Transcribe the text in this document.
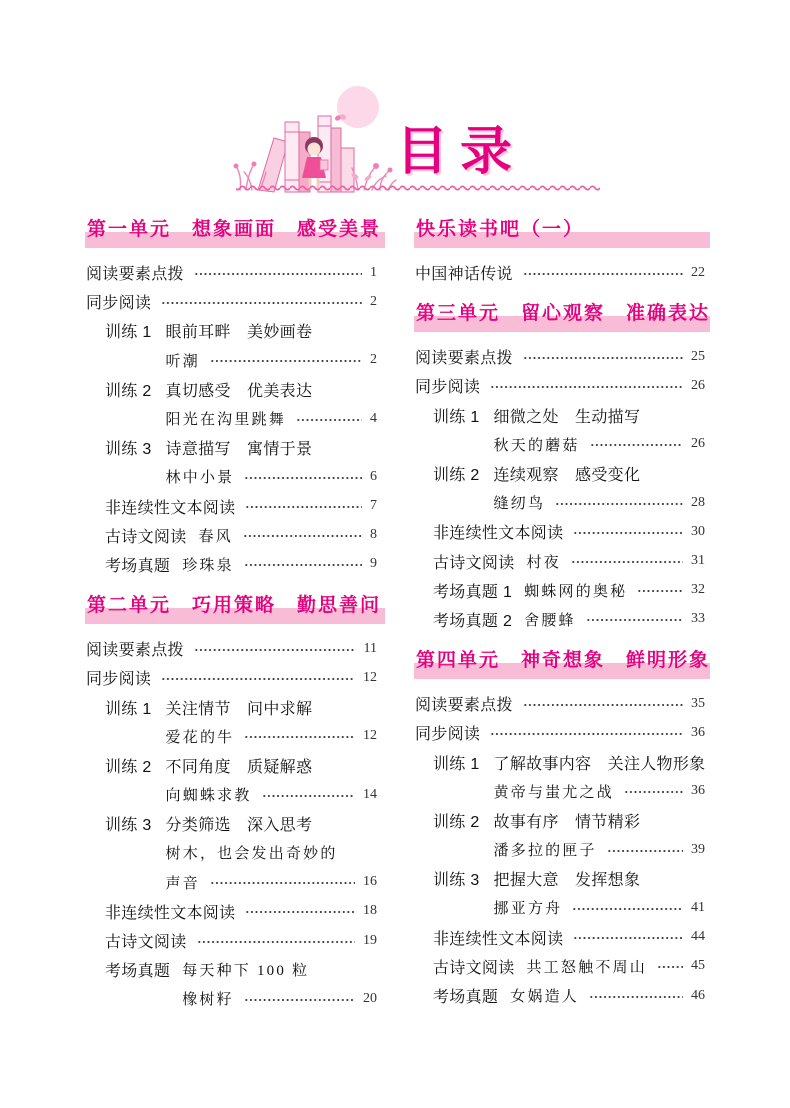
目录
第一单元　想象画面　感受美景
阅读要素点拨	1
同步阅读	2
训练 1 眼前耳畔　美妙画卷
听潮	2
训练 2 真切感受　优美表达
阳光在沟里跳舞	4
训练 3 诗意描写　寓情于景
林中小景	6
非连续性文本阅读	7
古诗文阅读 春风	8
考场真题 珍珠泉	9
第二单元　巧用策略　勤思善问
阅读要素点拨	11
同步阅读	12
训练 1 关注情节　问中求解
爱花的牛	12
训练 2 不同角度　质疑解惑
向蜘蛛求教	14
训练 3 分类筛选　深入思考
树木，也会发出奇妙的
声音	16
非连续性文本阅读	18
古诗文阅读	19
考场真题 每天种下 100 粒
橡树籽	20
快乐读书吧（一）
中国神话传说	22
第三单元　留心观察　准确表达
阅读要素点拨	25
同步阅读	26
训练 1 细微之处　生动描写
秋天的蘑菇	26
训练 2 连续观察　感受变化
缝纫鸟	28
非连续性文本阅读	30
古诗文阅读 村夜	31
考场真题 1 蜘蛛网的奥秘	32
考场真题 2 舍腰蜂	33
第四单元　神奇想象　鲜明形象
阅读要素点拨	35
同步阅读	36
训练 1 了解故事内容　关注人物形象
黄帝与蚩尤之战	36
训练 2 故事有序　情节精彩
潘多拉的匣子	39
训练 3 把握大意　发挥想象
挪亚方舟	41
非连续性文本阅读	44
古诗文阅读 共工怒触不周山	45
考场真题 女娲造人	46
